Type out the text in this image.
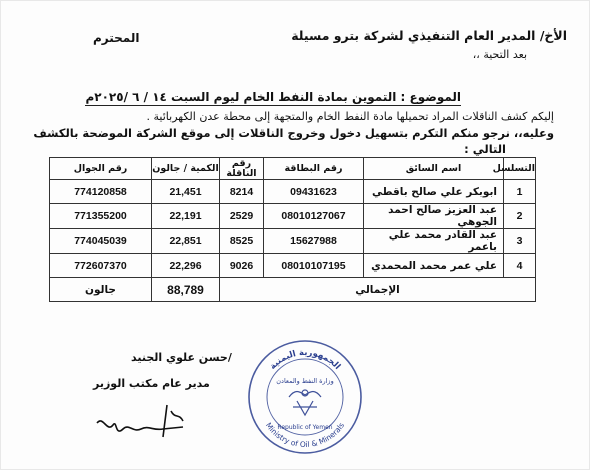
الأخ/ المدير العام التنفيذي لشركة بترو مسيلة
المحترم
بعد التحية ،،
الموضوع : التموين بمادة النفط الخام ليوم السبت ١٤ / ٦ /٢٠٢٥م
إليكم كشف الناقلات المراد تحميلها مادة النفط الخام والمتجهة إلى محطة عدن الكهربائية .
وعليه،، نرجو منكم التكرم بتسهيل دخول وخروج الناقلات إلى موقع الشركة الموضحة بالكشف
التالي :
التسلسل	اسم السائق	رقم البطاقة	رقم الناقلة	الكمية / جالون	رقم الجوال
1	ابوبكر علي صالح باقطي	09431623	8214	21,451	774120858
2	عبد العزيز صالح احمد الجوهي	08010127067	2529	22,191	771355200
3	عبد القادر محمد علي باعمر	15627988	8525	22,851	774045039
4	علي عمر محمد المحمدي	08010107195	9026	22,296	772607370
الإجمالي				88,789	جالون
/حسن علوي الجنيد
مدير عام مكتب الوزير
الجمهورية اليمنية
Ministry of Oil & Minerals
وزارة النفط والمعادن
Republic of Yemen
